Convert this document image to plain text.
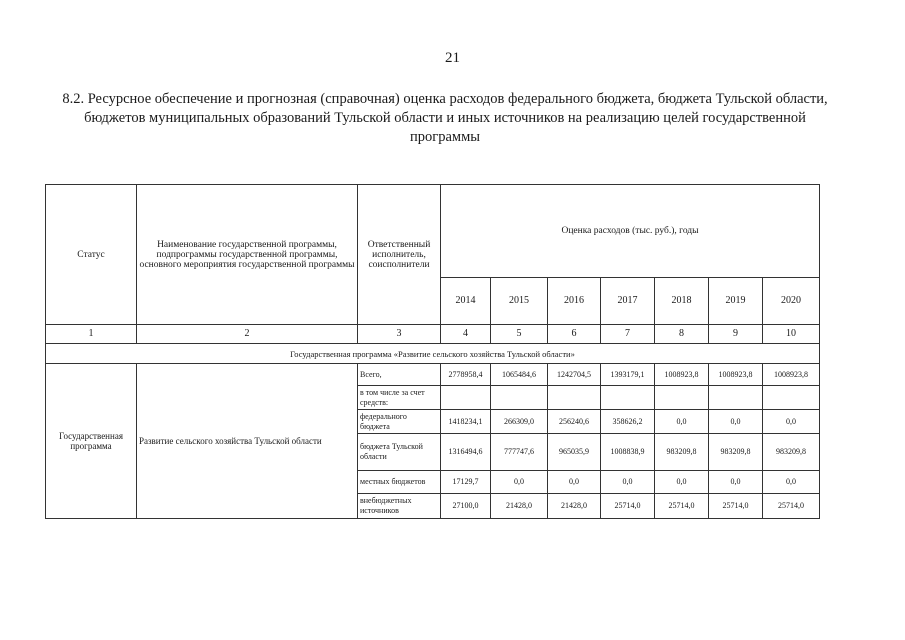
21
8.2. Ресурсное обеспечение и прогнозная (справочная) оценка расходов федерального бюджета, бюджета Тульской области, бюджетов муниципальных образований Тульской области и иных источников на реализацию целей государственной программы
Статус	Наименование государственной программы, подпрограммы государственной программы, основного мероприятия государственной программы	Ответственный исполнитель, соисполнители	Оценка расходов (тыс. руб.), годы						
			2014	2015	2016	2017	2018	2019	2020
1	2	3	4	5	6	7	8	9	10
Государственная программа «Развитие сельского хозяйства Тульской области»									
Государственная программа	Развитие сельского хозяйства Тульской области	Всего,	2778958,4	1065484,6	1242704,5	1393179,1	1008923,8	1008923,8	1008923,8
		в том числе за счет средств:							
		федерального бюджета	1418234,1	266309,0	256240,6	358626,2	0,0	0,0	0,0
		бюджета Тульской области	1316494,6	777747,6	965035,9	1008838,9	983209,8	983209,8	983209,8
		местных бюджетов	17129,7	0,0	0,0	0,0	0,0	0,0	0,0
		внебюджетных источников	27100,0	21428,0	21428,0	25714,0	25714,0	25714,0	25714,0
